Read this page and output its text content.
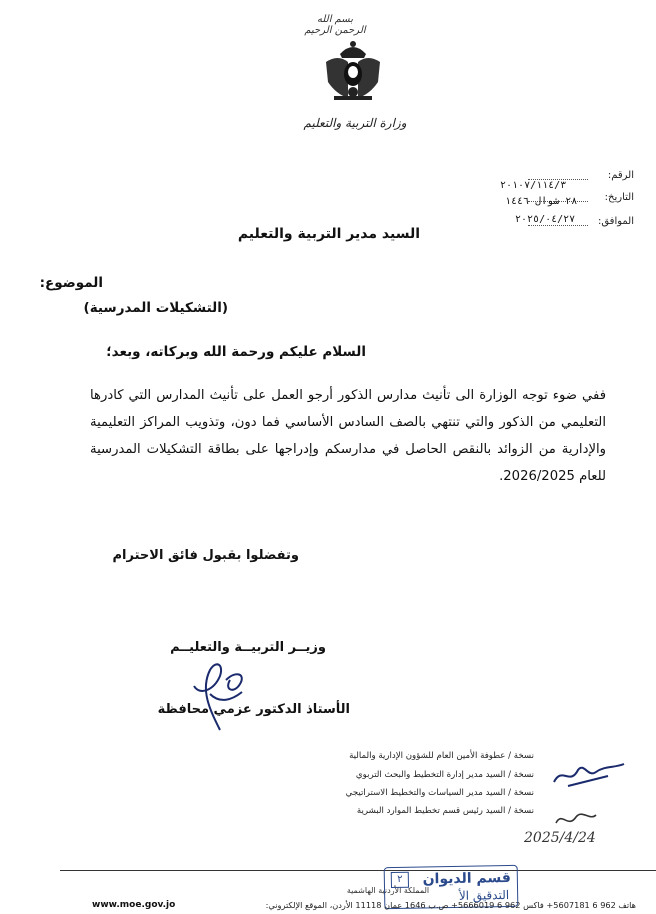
بسم الله الرحمن الرحيم
وزارة التربية والتعليم
الرقم:
٢٠١٠٧/١١٤/٣
التاريخ:
٢٨ شوال ١٤٤٦
الموافق:
٢٠٢٥/٠٤/٢٧
السيد مدير التربية والتعليم
الموضوع:
(التشكيلات المدرسية)
السلام عليكم ورحمة الله وبركاته، وبعد؛
ففي ضوء توجه الوزارة الى تأنيث مدارس الذكور أرجو العمل على تأنيث المدارس التي كادرها التعليمي من الذكور والتي تنتهي بالصف السادس الأساسي فما دون، وتذويب المراكز التعليمية والإدارية من الزوائد بالنقص الحاصل في مدارسكم وإدراجها على بطاقة التشكيلات المدرسية للعام 2026/2025.
وتفضلوا بقبول فائق الاحترام
وزيــر التربيــة والتعليــم
الأستاذ الدكتور عزمي محافظة
نسخة / عطوفة الأمين العام للشؤون الإدارية والمالية
نسخة / السيد مدير إدارة التخطيط والبحث التربوي
نسخة / السيد مدير السياسات والتخطيط الاستراتيجي
نسخة / السيد رئيس قسم تخطيط الموارد البشرية
2025/4/24
المملكة الأردنية الهاشمية
٢	قسم الديوان
التدقيق الأ
هاتف 962 6 5607181+ فاكس 962 6 5666019+ ص.ب 1646 عمان 11118 الأردن، الموقع الإلكتروني:
www.moe.gov.jo
